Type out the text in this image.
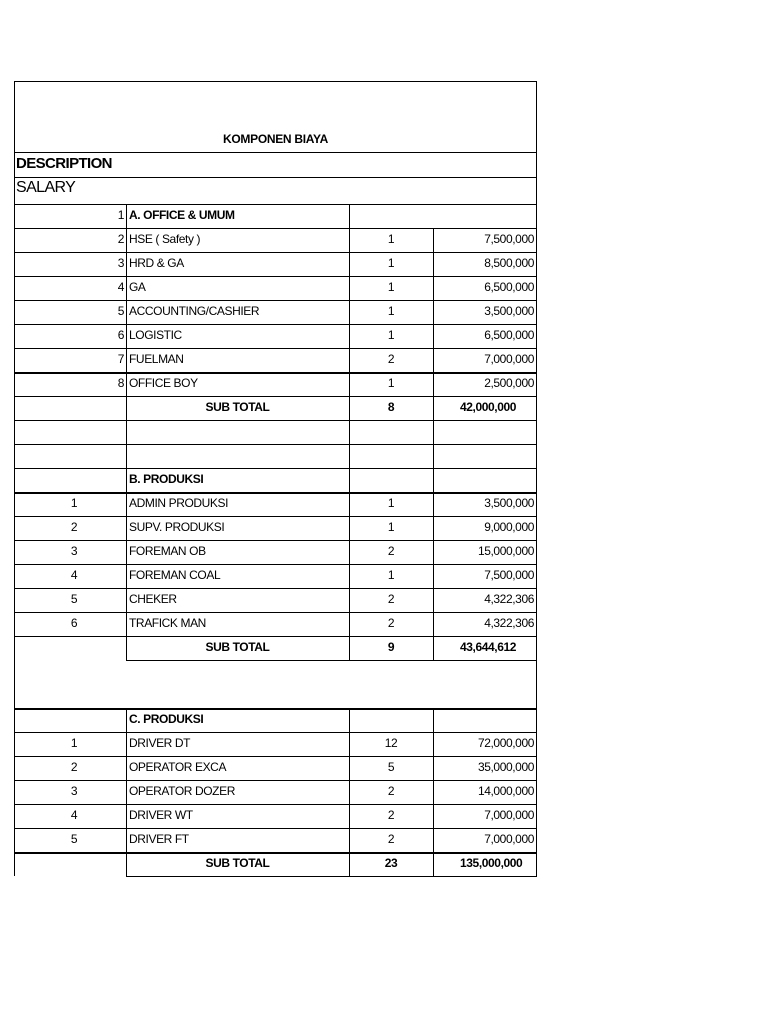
KOMPONEN BIAYA
DESCRIPTION
SALARY
1 A. OFFICE & UMUM
2 HSE ( Safety )	1	7,500,000
3 HRD & GA	1	8,500,000
4 GA	1	6,500,000
5 ACCOUNTING/CASHIER	1	3,500,000
6 LOGISTIC	1	6,500,000
7 FUELMAN	2	7,000,000
8 OFFICE BOY	1	2,500,000
SUB TOTAL	8	42,000,000
B. PRODUKSI
1	ADMIN PRODUKSI	1	3,500,000
2	SUPV. PRODUKSI	1	9,000,000
3	FOREMAN OB	2	15,000,000
4	FOREMAN COAL	1	7,500,000
5	CHEKER	2	4,322,306
6	TRAFICK MAN	2	4,322,306
SUB TOTAL	9	43,644,612
C. PRODUKSI
1	DRIVER DT	12	72,000,000
2	OPERATOR EXCA	5	35,000,000
3	OPERATOR DOZER	2	14,000,000
4	DRIVER WT	2	7,000,000
5	DRIVER FT	2	7,000,000
SUB TOTAL	23	135,000,000
